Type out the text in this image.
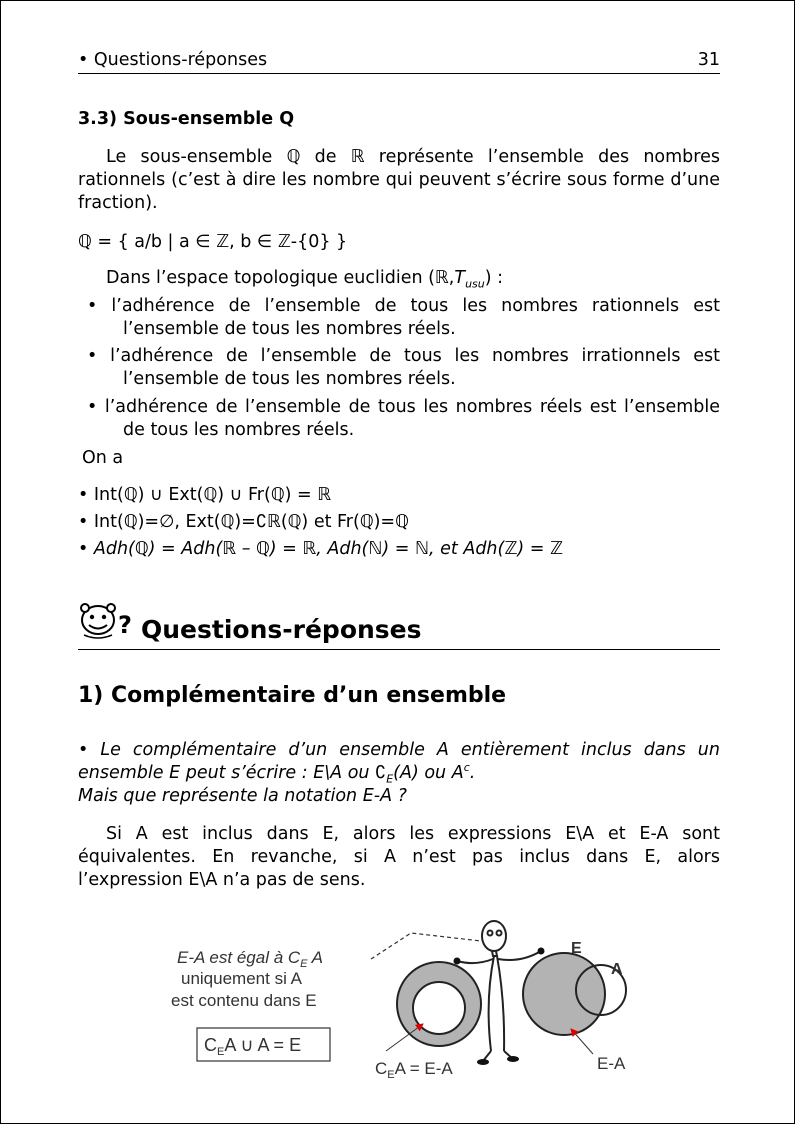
• Questions-réponses	31
3.3) Sous-ensemble Q
Le sous-ensemble ℚ de ℝ représente l’ensemble des nombres rationnels (c’est à dire les nombre qui peuvent s’écrire sous forme d’une fraction).
ℚ = { a/b | a ∈ ℤ, b ∈ ℤ-{0} }
Dans l’espace topologique euclidien $(ℝ,T_{usu})$ :
• l’adhérence de l’ensemble de tous les nombres rationnels est l’ensemble de tous les nombres réels.
• l’adhérence de l’ensemble de tous les nombres irrationnels est l’ensemble de tous les nombres réels.
• l’adhérence de l’ensemble de tous les nombres réels est l’ensemble de tous les nombres réels.
On a
• Int(ℚ) ∪ Ext(ℚ) ∪ Fr(ℚ) = ℝ
• Int(ℚ)=∅, Ext(ℚ)=∁ℝ(ℚ) et Fr(ℚ)=ℚ
• Adh(ℚ) = Adh(ℝ – ℚ) = ℝ, Adh(ℕ) = ℕ, et Adh(ℤ) = ℤ
? Questions-réponses
1) Complémentaire d’un ensemble
• Le complémentaire d’un ensemble A entièrement inclus dans un ensemble E peut s’écrire : E\A ou $∁_E(A)$ ou $A^c$.
Mais que représente la notation E-A ?
Si A est inclus dans E, alors les expressions E\A et E-A sont équivalentes. En revanche, si A n’est pas inclus dans E, alors l’expression E\A n’a pas de sens.
E-A est égal à $C_E$ A
uniquement si A
est contenu dans E
$C_EA$ ∪ A = E
E
A
$C_EA = E-A$	E-A
